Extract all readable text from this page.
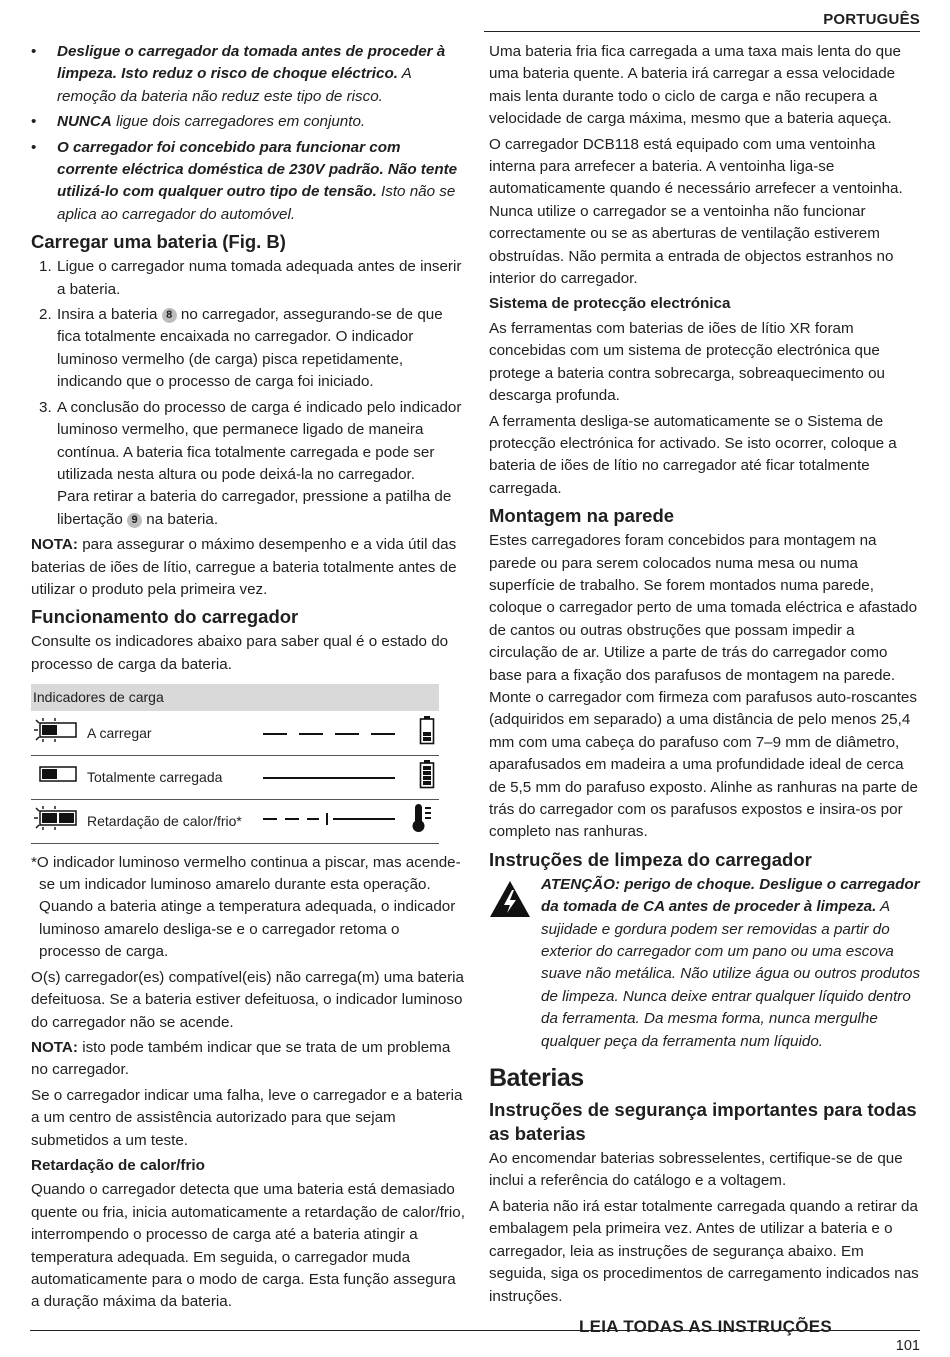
PORTUGUÊS
• Desligue o carregador da tomada antes de proceder à limpeza. Isto reduz o risco de choque eléctrico. A remoção da bateria não reduz este tipo de risco.
• NUNCA ligue dois carregadores em conjunto.
• O carregador foi concebido para funcionar com corrente eléctrica doméstica de 230V padrão. Não tente utilizá-lo com qualquer outro tipo de tensão. Isto não se aplica ao carregador do automóvel.
Carregar uma bateria (Fig. B)
1. Ligue o carregador numa tomada adequada antes de inserir a bateria.
2. Insira a bateria 8 no carregador, assegurando-se de que fica totalmente encaixada no carregador. O indicador luminoso vermelho (de carga) pisca repetidamente, indicando que o processo de carga foi iniciado.
3. A conclusão do processo de carga é indicado pelo indicador luminoso vermelho, que permanece ligado de maneira contínua. A bateria fica totalmente carregada e pode ser utilizada nesta altura ou pode deixá-la no carregador.
Para retirar a bateria do carregador, pressione a patilha de libertação 9 na bateria.

NOTA: para assegurar o máximo desempenho e a vida útil das baterias de iões de lítio, carregue a bateria totalmente antes de utilizar o produto pela primeira vez.

Funcionamento do carregador

Consulte os indicadores abaixo para saber qual é o estado do processo de carga da bateria.

Indicadores de carga			
	A carregar		
	Totalmente carregada		
	Retardação de calor/frio*		

*O indicador luminoso vermelho continua a piscar, mas acende-se um indicador luminoso amarelo durante esta operação. Quando a bateria atinge a temperatura adequada, o indicador luminoso amarelo desliga-se e o carregador retoma o processo de carga.

O(s) carregador(es) compatível(eis) não carrega(m) uma bateria defeituosa. Se a bateria estiver defeituosa, o indicador luminoso do carregador não se acende.

NOTA: isto pode também indicar que se trata de um problema no carregador.

Se o carregador indicar uma falha, leve o carregador e a bateria a um centro de assistência autorizado para que sejam submetidos a um teste.

Retardação de calor/frio

Quando o carregador detecta que uma bateria está demasiado quente ou fria, inicia automaticamente a retardação de calor/frio, interrompendo o processo de carga até a bateria atingir a temperatura adequada. Em seguida, o carregador muda automaticamente para o modo de carga. Esta função assegura a duração máxima da bateria.

Uma bateria fria fica carregada a uma taxa mais lenta do que uma bateria quente. A bateria irá carregar a essa velocidade mais lenta durante todo o ciclo de carga e não recupera a velocidade de carga máxima, mesmo que a bateria aqueça.

O carregador DCB118 está equipado com uma ventoinha interna para arrefecer a bateria. A ventoinha liga-se automaticamente quando é necessário arrefecer a ventoinha. Nunca utilize o carregador se a ventoinha não funcionar correctamente ou se as aberturas de ventilação estiverem obstruídas. Não permita a entrada de objectos estranhos no interior do carregador.

Sistema de protecção electrónica

As ferramentas com baterias de iões de lítio XR foram concebidas com um sistema de protecção electrónica que protege a bateria contra sobrecarga, sobreaquecimento ou descarga profunda.

A ferramenta desliga-se automaticamente se o Sistema de protecção electrónica for activado. Se isto ocorrer, coloque a bateria de iões de lítio no carregador até ficar totalmente carregada.

Montagem na parede

Estes carregadores foram concebidos para montagem na parede ou para serem colocados numa mesa ou numa superfície de trabalho. Se forem montados numa parede, coloque o carregador perto de uma tomada eléctrica e afastado de cantos ou outras obstruções que possam impedir a circulação de ar. Utilize a parte de trás do carregador como base para a fixação dos parafusos de montagem na parede. Monte o carregador com firmeza com parafusos auto-roscantes (adquiridos em separado) a uma distância de pelo menos 25,4 mm com uma cabeça do parafuso com 7–9 mm de diâmetro, aparafusados em madeira a uma profundidade ideal de cerca de 5,5 mm do parafuso exposto. Alinhe as ranhuras na parte de trás do carregador com os parafusos expostos e insira-os por completo nas ranhuras.

Instruções de limpeza do carregador

ATENÇÃO: perigo de choque. Desligue o carregador da tomada de CA antes de proceder à limpeza. A sujidade e gordura podem ser removidas a partir do exterior do carregador com um pano ou uma escova suave não metálica. Não utilize água ou outros produtos de limpeza. Nunca deixe entrar qualquer líquido dentro da ferramenta. Da mesma forma, nunca mergulhe qualquer peça da ferramenta num líquido.

Baterias
Instruções de segurança importantes para todas as baterias

Ao encomendar baterias sobresselentes, certifique-se de que inclui a referência do catálogo e a voltagem.

A bateria não irá estar totalmente carregada quando a retirar da embalagem pela primeira vez. Antes de utilizar a bateria e o carregador, leia as instruções de segurança abaixo. Em seguida, siga os procedimentos de carregamento indicados nas instruções.

LEIA TODAS AS INSTRUÇÕES
101
